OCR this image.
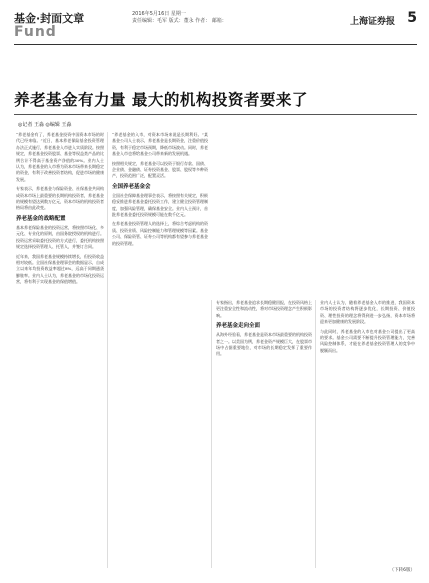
基金·封面文章
Fund
2016年5月16日 星期一
责任编辑：毛军 版式：董永 作者： 邮箱：	上海证券报 5
养老基金有力量 最大的机构投资者要来了
◎记者 王淼 ◎编辑 王淼
“养老基金有了，养老基金投资中国资本市场的时代已经来临。”近日，基本养老保险基金投资管理办法正式施行，养老基金入市进入实质阶段。按照规定，养老基金投资股票、基金等权益类产品的比例合计不得高于基金资产净值的30%。业内人士认为，养老基金的入市将为资本市场带来长期稳定的资金，有利于改善投资者结构，促进市场的健康发展。
专家表示，养老基金与保险资金、社保基金共同构成资本市场上最重要的长期机构投资者，养老基金的规模有望达到数万亿元，资本市场的机构投资者格局将由此改变。
养老基金的战略配置
基本养老保险基金的投资运营，将按照市场化、多元化、专业化的原则，由国务院授权的机构进行。投资运营采取委托投资的方式进行，委托机构按照规定选择投资管理人、托管人，并签订合同。
近年来，我国养老基金规模持续增长，但投资收益相对较低。全国社保基金理事会的数据显示，自成立以来年均投资收益率超过8%，远高于同期通货膨胀率。业内人士认为，养老基金的市场化投资运营，将有利于实现基金的保值增值。
“养老基金的入市，对资本市场来说是长期利好。”某基金公司人士表示，养老基金是长期资金，注重价值投资，有利于稳定市场预期，降低市场波动。同时，养老基金入市也将给基金公司带来新的发展机遇。
按照相关规定，养老基金可以投资于银行存款、国债、企业债、金融债、证券投资基金、股票、股权等多种资产，投资范围广泛，配置灵活。
全国养老基金会
全国社会保障基金理事会表示，将按照有关规定，积极稳妥推进养老基金委托投资工作，建立健全投资管理制度，加强风险管理，确保基金安全。业内人士预计，首批养老基金委托投资规模可能在数千亿元。
在养老基金投资管理人的选择上，将综合考虑机构的资质、投资业绩、风险控制能力和管理规模等因素。基金公司、保险资管、证券公司等机构都有望参与养老基金的投资管理。
专家指出，养老基金追求长期稳健回报，在投资风格上更注重安全性和流动性，将对市场投资理念产生积极影响。
养老基金走向全面
从海外经验看，养老基金是资本市场最重要的机构投资者之一。以美国为例，养老金资产规模巨大，在股票市场中占据重要地位，对市场的长期稳定发挥了重要作用。
业内人士认为，随着养老基金入市的推进，我国资本市场的投资者结构将逐步优化，长期投资、价值投资、理性投资的理念将得到进一步弘扬，资本市场将迎来更加健康的发展阶段。
与此同时，养老基金的入市也对基金公司提出了更高的要求。基金公司需要不断提升投资管理能力，完善风险控制体系，才能在养老基金投资管理人的竞争中脱颖而出。
（下转6版）
